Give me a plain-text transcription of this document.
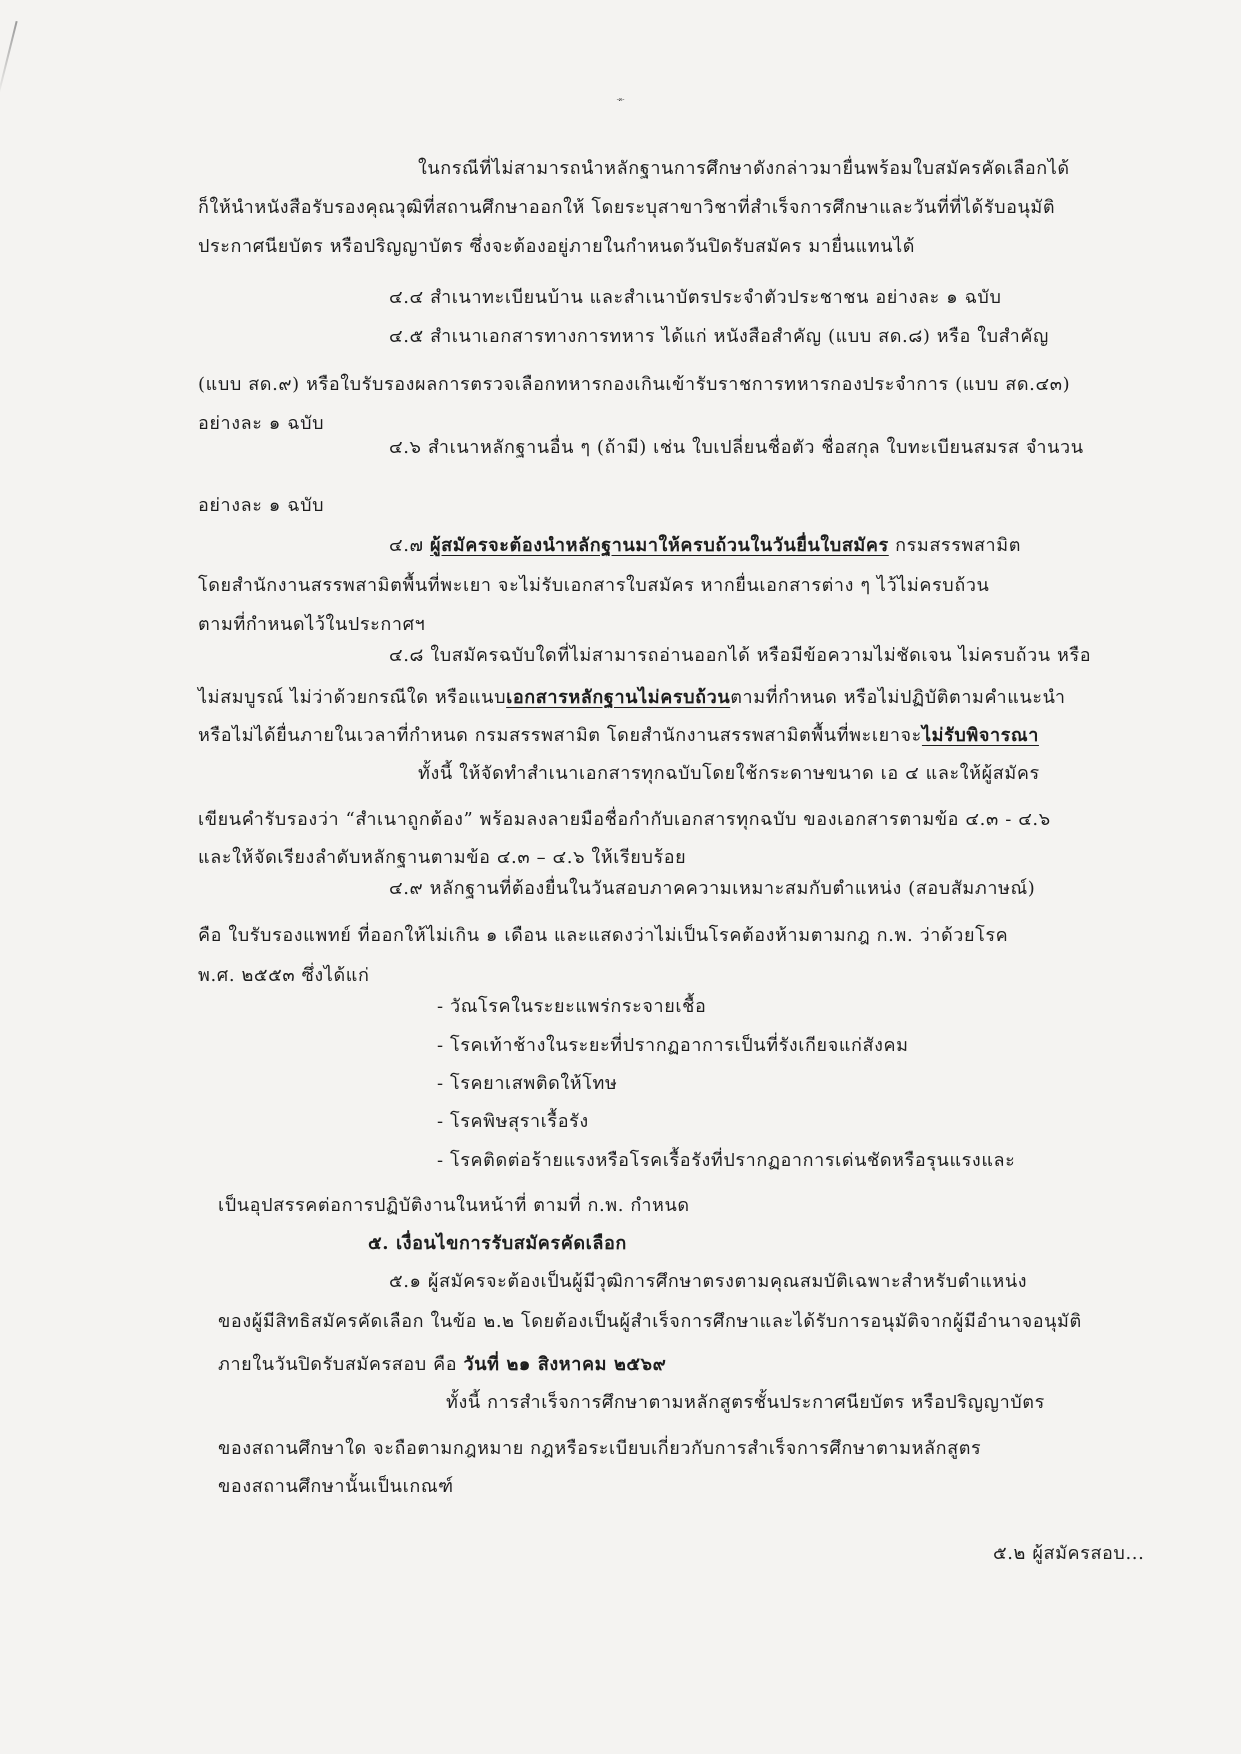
-๓-
ในกรณีที่ไม่สามารถนำหลักฐานการศึกษาดังกล่าวมายื่นพร้อมใบสมัครคัดเลือกได้
ก็ให้นำหนังสือรับรองคุณวุฒิที่สถานศึกษาออกให้ โดยระบุสาขาวิชาที่สำเร็จการศึกษาและวันที่ที่ได้รับอนุมัติ
ประกาศนียบัตร หรือปริญญาบัตร ซึ่งจะต้องอยู่ภายในกำหนดวันปิดรับสมัคร มายื่นแทนได้
๔.๔ สำเนาทะเบียนบ้าน และสำเนาบัตรประจำตัวประชาชน อย่างละ ๑ ฉบับ
๔.๕ สำเนาเอกสารทางการทหาร ได้แก่ หนังสือสำคัญ (แบบ สด.๘) หรือ ใบสำคัญ
(แบบ สด.๙) หรือใบรับรองผลการตรวจเลือกทหารกองเกินเข้ารับราชการทหารกองประจำการ (แบบ สด.๔๓)
อย่างละ ๑ ฉบับ
๔.๖ สำเนาหลักฐานอื่น ๆ (ถ้ามี) เช่น ใบเปลี่ยนชื่อตัว ชื่อสกุล ใบทะเบียนสมรส จำนวน
อย่างละ ๑ ฉบับ
๔.๗ ผู้สมัครจะต้องนำหลักฐานมาให้ครบถ้วนในวันยื่นใบสมัคร กรมสรรพสามิต
โดยสำนักงานสรรพสามิตพื้นที่พะเยา จะไม่รับเอกสารใบสมัคร หากยื่นเอกสารต่าง ๆ ไว้ไม่ครบถ้วน
ตามที่กำหนดไว้ในประกาศฯ
๔.๘ ใบสมัครฉบับใดที่ไม่สามารถอ่านออกได้ หรือมีข้อความไม่ชัดเจน ไม่ครบถ้วน หรือ
ไม่สมบูรณ์ ไม่ว่าด้วยกรณีใด หรือแนบเอกสารหลักฐานไม่ครบถ้วนตามที่กำหนด หรือไม่ปฏิบัติตามคำแนะนำ
หรือไม่ได้ยื่นภายในเวลาที่กำหนด กรมสรรพสามิต โดยสำนักงานสรรพสามิตพื้นที่พะเยาจะไม่รับพิจารณา
ทั้งนี้ ให้จัดทำสำเนาเอกสารทุกฉบับโดยใช้กระดาษขนาด เอ ๔ และให้ผู้สมัคร
เขียนคำรับรองว่า “สำเนาถูกต้อง” พร้อมลงลายมือชื่อกำกับเอกสารทุกฉบับ ของเอกสารตามข้อ ๔.๓ - ๔.๖
และให้จัดเรียงลำดับหลักฐานตามข้อ ๔.๓ – ๔.๖ ให้เรียบร้อย
๔.๙ หลักฐานที่ต้องยื่นในวันสอบภาคความเหมาะสมกับตำแหน่ง (สอบสัมภาษณ์)
คือ ใบรับรองแพทย์ ที่ออกให้ไม่เกิน ๑ เดือน และแสดงว่าไม่เป็นโรคต้องห้ามตามกฎ ก.พ. ว่าด้วยโรค
พ.ศ. ๒๕๕๓ ซึ่งได้แก่
- วัณโรคในระยะแพร่กระจายเชื้อ
- โรคเท้าช้างในระยะที่ปรากฏอาการเป็นที่รังเกียจแก่สังคม
- โรคยาเสพติดให้โทษ
- โรคพิษสุราเรื้อรัง
- โรคติดต่อร้ายแรงหรือโรคเรื้อรังที่ปรากฏอาการเด่นชัดหรือรุนแรงและ
เป็นอุปสรรคต่อการปฏิบัติงานในหน้าที่ ตามที่ ก.พ. กำหนด
๕. เงื่อนไขการรับสมัครคัดเลือก
๕.๑ ผู้สมัครจะต้องเป็นผู้มีวุฒิการศึกษาตรงตามคุณสมบัติเฉพาะสำหรับตำแหน่ง
ของผู้มีสิทธิสมัครคัดเลือก ในข้อ ๒.๒ โดยต้องเป็นผู้สำเร็จการศึกษาและได้รับการอนุมัติจากผู้มีอำนาจอนุมัติ
ภายในวันปิดรับสมัครสอบ คือ วันที่ ๒๑ สิงหาคม ๒๕๖๙
ทั้งนี้ การสำเร็จการศึกษาตามหลักสูตรชั้นประกาศนียบัตร หรือปริญญาบัตร
ของสถานศึกษาใด จะถือตามกฎหมาย กฎหรือระเบียบเกี่ยวกับการสำเร็จการศึกษาตามหลักสูตร
ของสถานศึกษานั้นเป็นเกณฑ์
๕.๒ ผู้สมัครสอบ...
